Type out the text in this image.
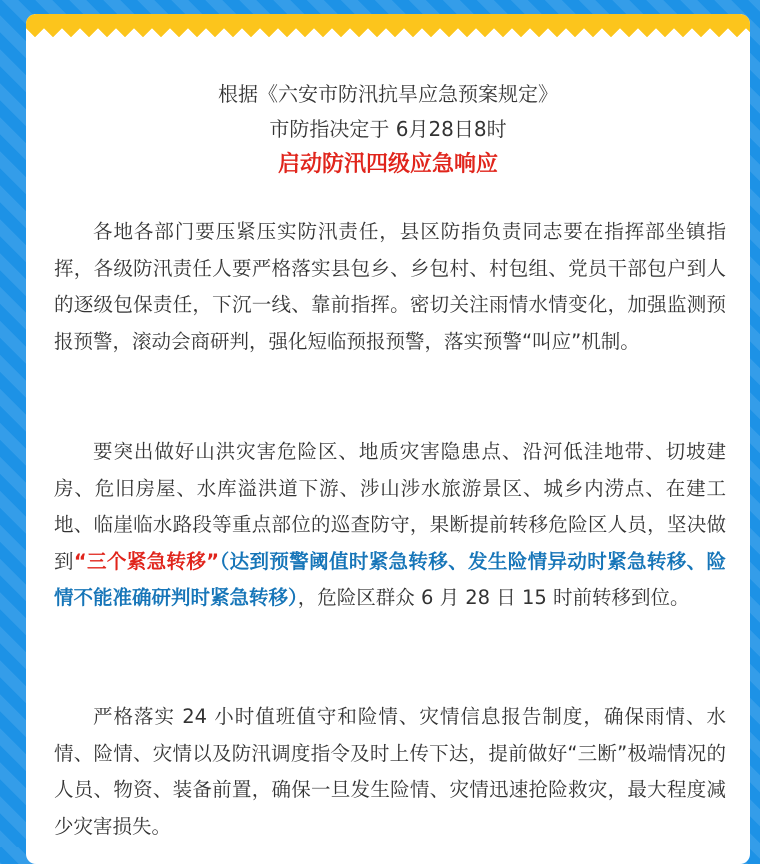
根据《六安市防汛抗旱应急预案规定》
市防指决定于 6月28日8时
启动防汛四级应急响应

各地各部门要压紧压实防汛责任，县区防指负责同志要在指挥部坐镇指挥，各级防汛责任人要严格落实县包乡、乡包村、村包组、党员干部包户到人的逐级包保责任，下沉一线、靠前指挥。密切关注雨情水情变化，加强监测预报预警，滚动会商研判，强化短临预报预警，落实预警“叫应”机制。

要突出做好山洪灾害危险区、地质灾害隐患点、沿河低洼地带、切坡建房、危旧房屋、水库溢洪道下游、涉山涉水旅游景区、城乡内涝点、在建工地、临崖临水路段等重点部位的巡查防守，果断提前转移危险区人员，坚决做到“三个紧急转移”（达到预警阈值时紧急转移、发生险情异动时紧急转移、险情不能准确研判时紧急转移），危险区群众 6 月 28 日 15 时前转移到位。

严格落实 24 小时值班值守和险情、灾情信息报告制度，确保雨情、水情、险情、灾情以及防汛调度指令及时上传下达，提前做好“三断”极端情况的人员、物资、装备前置，确保一旦发生险情、灾情迅速抢险救灾，最大程度减少灾害损失。
